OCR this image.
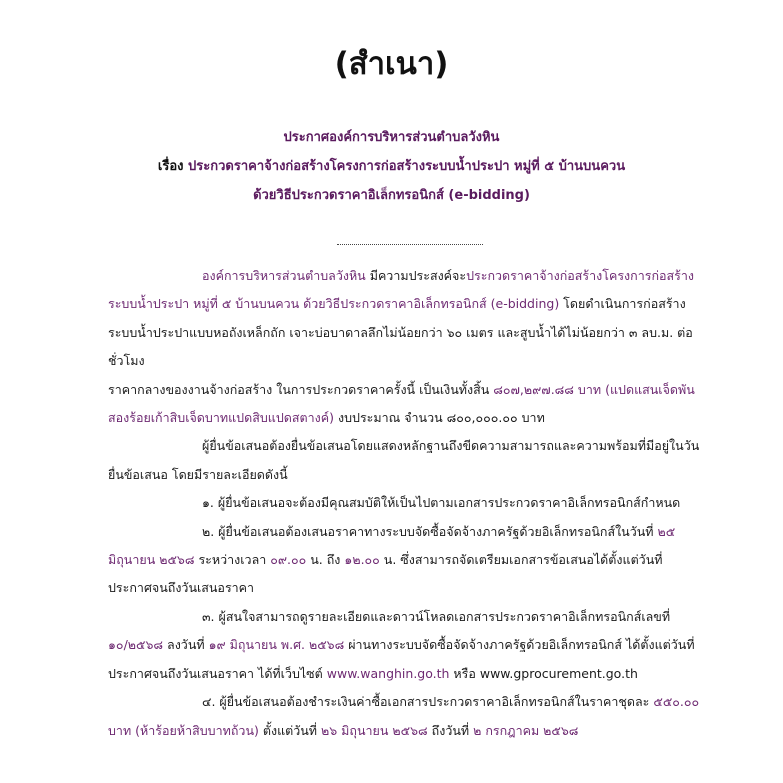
(สำเนา)
ประกาศองค์การบริหารส่วนตำบลวังหิน
เรื่อง ประกวดราคาจ้างก่อสร้างโครงการก่อสร้างระบบน้ำประปา หมู่ที่ ๕ บ้านบนควน
ด้วยวิธีประกวดราคาอิเล็กทรอนิกส์ (e-bidding)

องค์การบริหารส่วนตำบลวังหิน มีความประสงค์จะประกวดราคาจ้างก่อสร้างโครงการก่อสร้างระบบน้ำประปา หมู่ที่ ๕ บ้านบนควน ด้วยวิธีประกวดราคาอิเล็กทรอนิกส์ (e-bidding) โดยดำเนินการก่อสร้างระบบน้ำประปาแบบหอถังเหล็กถัก เจาะบ่อบาดาลลึกไม่น้อยกว่า ๖๐ เมตร และสูบน้ำได้ไม่น้อยกว่า ๓ ลบ.ม. ต่อชั่วโมง

ราคากลางของงานจ้างก่อสร้าง ในการประกวดราคาครั้งนี้ เป็นเงินทั้งสิ้น ๘๐๗,๒๙๗.๘๘ บาท (แปดแสนเจ็ดพันสองร้อยเก้าสิบเจ็ดบาทแปดสิบแปดสตางค์) งบประมาณ จำนวน ๘๐๐,๐๐๐.๐๐ บาท

ผู้ยื่นข้อเสนอต้องยื่นข้อเสนอโดยแสดงหลักฐานถึงขีดความสามารถและความพร้อมที่มีอยู่ในวันยื่นข้อเสนอ โดยมีรายละเอียดดังนี้

๑. ผู้ยื่นข้อเสนอจะต้องมีคุณสมบัติให้เป็นไปตามเอกสารประกวดราคาอิเล็กทรอนิกส์กำหนด

๒. ผู้ยื่นข้อเสนอต้องเสนอราคาทางระบบจัดซื้อจัดจ้างภาครัฐด้วยอิเล็กทรอนิกส์ในวันที่ ๒๕ มิถุนายน ๒๕๖๘ ระหว่างเวลา ๐๙.๐๐ น. ถึง ๑๒.๐๐ น. ซึ่งสามารถจัดเตรียมเอกสารข้อเสนอได้ตั้งแต่วันที่ประกาศจนถึงวันเสนอราคา

๓. ผู้สนใจสามารถดูรายละเอียดและดาวน์โหลดเอกสารประกวดราคาอิเล็กทรอนิกส์เลขที่ ๑๐/๒๕๖๘ ลงวันที่ ๑๙ มิถุนายน พ.ศ. ๒๕๖๘ ผ่านทางระบบจัดซื้อจัดจ้างภาครัฐด้วยอิเล็กทรอนิกส์ ได้ตั้งแต่วันที่ประกาศจนถึงวันเสนอราคา ได้ที่เว็บไซต์ www.wanghin.go.th หรือ www.gprocurement.go.th

๔. ผู้ยื่นข้อเสนอต้องชำระเงินค่าซื้อเอกสารประกวดราคาอิเล็กทรอนิกส์ในราคาชุดละ ๕๕๐.๐๐ บาท (ห้าร้อยห้าสิบบาทถ้วน) ตั้งแต่วันที่ ๒๖ มิถุนายน ๒๕๖๘ ถึงวันที่ ๒ กรกฎาคม ๒๕๖๘
